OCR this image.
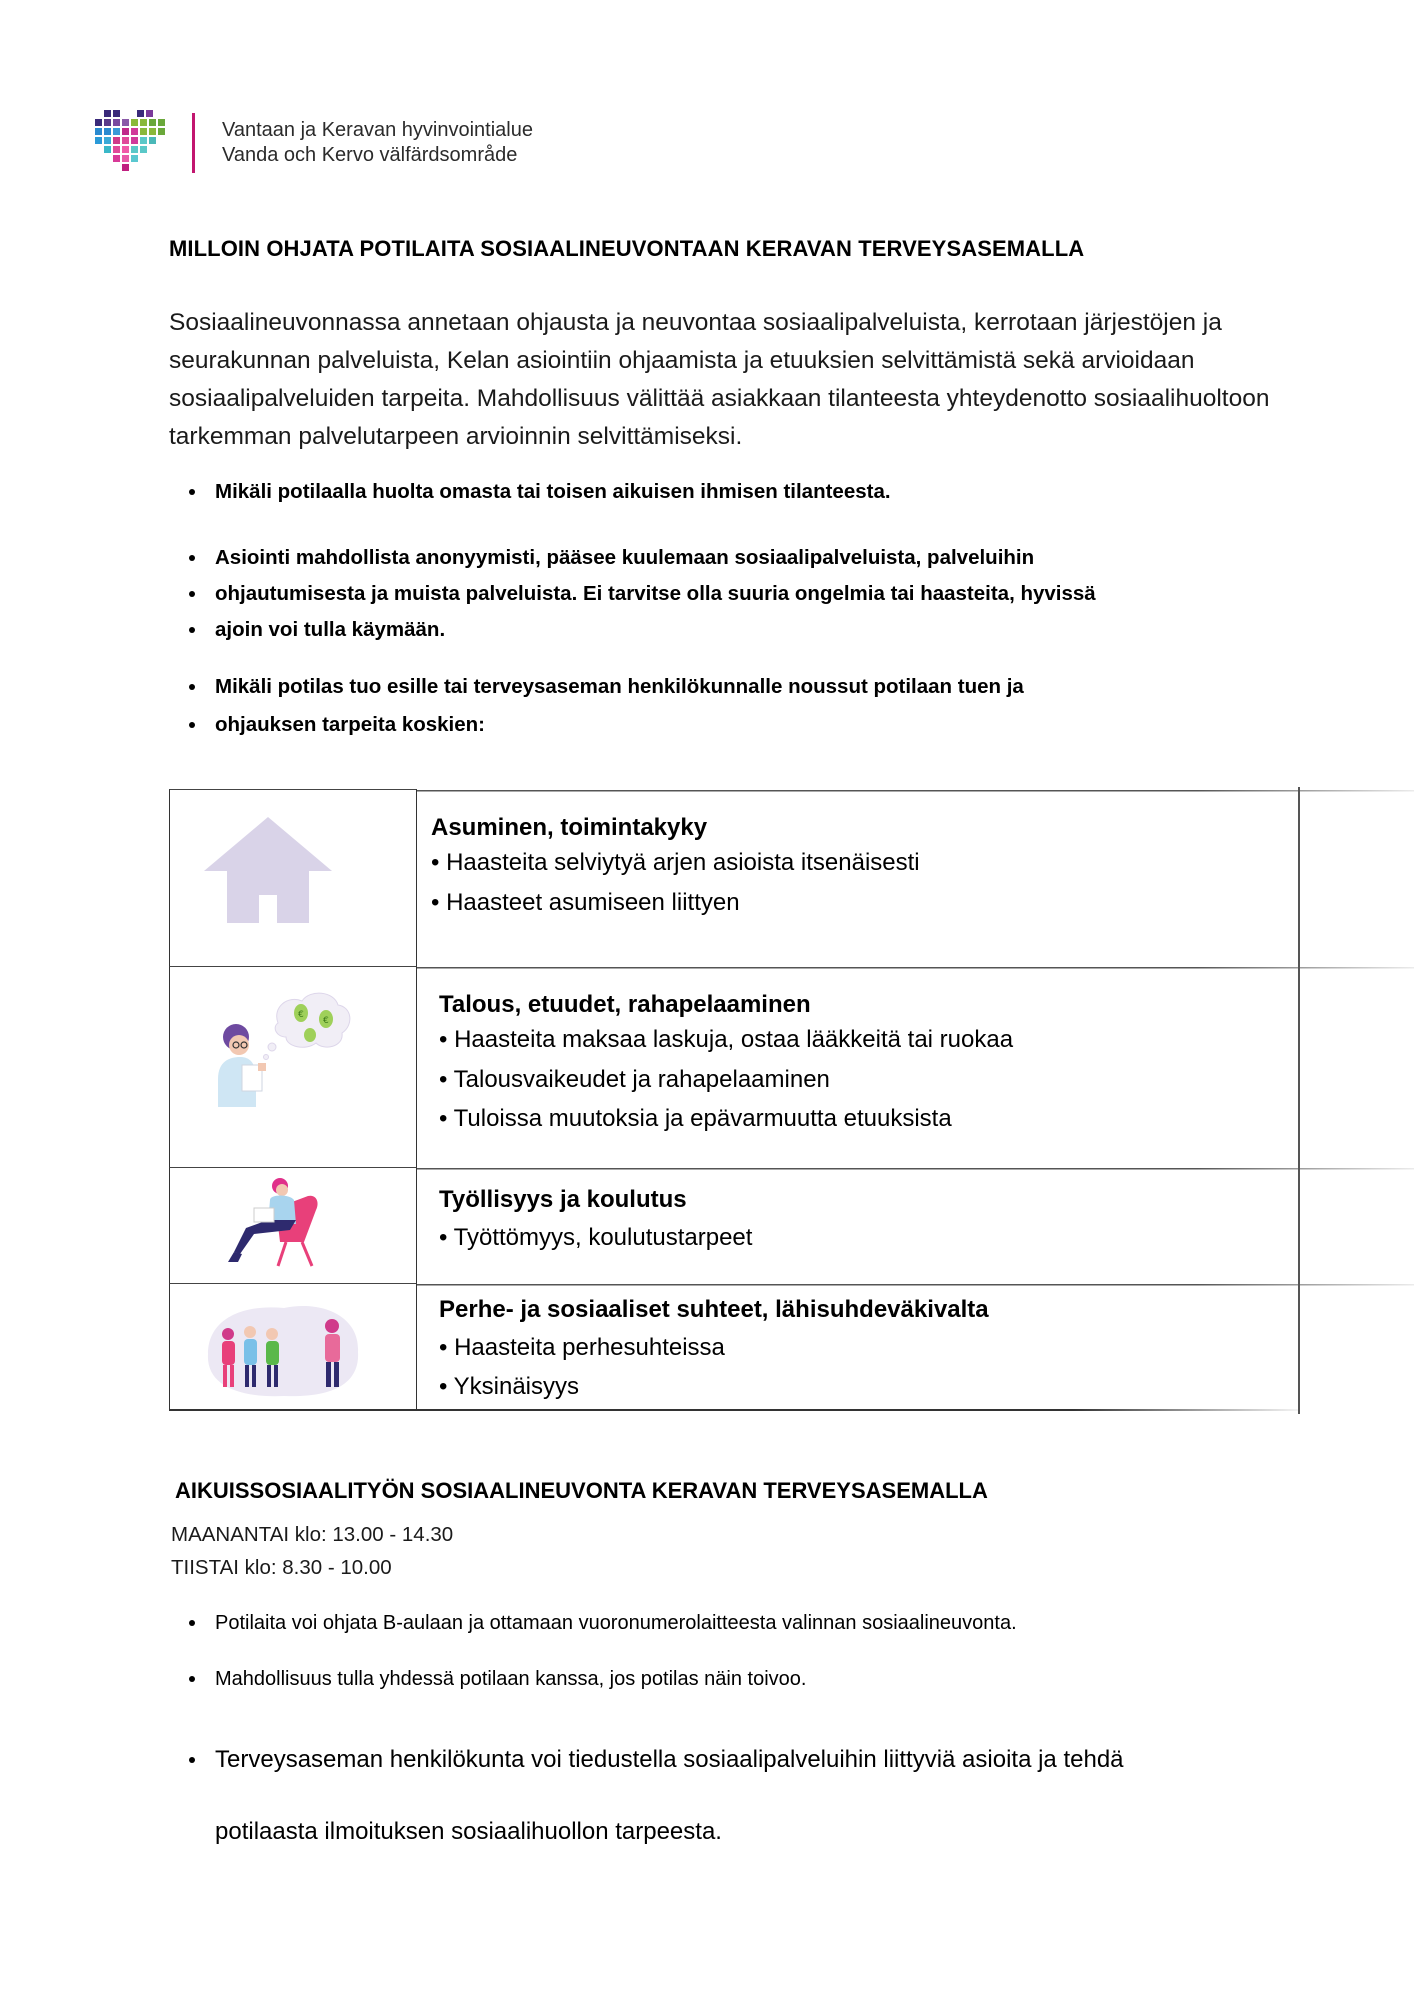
Vantaan ja Keravan hyvinvointialue
Vanda och Kervo välfärdsområde
MILLOIN OHJATA POTILAITA SOSIAALINEUVONTAAN KERAVAN TERVEYSASEMALLA
Sosiaalineuvonnassa annetaan ohjausta ja neuvontaa sosiaalipalveluista, kerrotaan järjestöjen ja seurakunnan palveluista, Kelan asiointiin ohjaamista ja etuuksien selvittämistä sekä arvioidaan sosiaalipalveluiden tarpeita. Mahdollisuus välittää asiakkaan tilanteesta yhteydenotto sosiaalihuoltoon tarkemman palvelutarpeen arvioinnin selvittämiseksi.
Mikäli potilaalla huolta omasta tai toisen aikuisen ihmisen tilanteesta.
Asiointi mahdollista anonyymisti, pääsee kuulemaan sosiaalipalveluista, palveluihin
ohjautumisesta ja muista palveluista. Ei tarvitse olla suuria ongelmia tai haasteita, hyvissä
ajoin voi tulla käymään.
Mikäli potilas tuo esille tai terveysaseman henkilökunnalle noussut potilaan tuen ja
ohjauksen tarpeita koskien:
Asuminen, toimintakyky
• Haasteita selviytyä arjen asioista itsenäisesti
• Haasteet asumiseen liittyen
€
€
Talous, etuudet, rahapelaaminen
• Haasteita maksaa laskuja, ostaa lääkkeitä tai ruokaa
• Talousvaikeudet ja rahapelaaminen
• Tuloissa muutoksia ja epävarmuutta etuuksista
Työllisyys ja koulutus
• Työttömyys, koulutustarpeet
Perhe- ja sosiaaliset suhteet, lähisuhdeväkivalta
• Haasteita perhesuhteissa
• Yksinäisyys
AIKUISSOSIAALITYÖN SOSIAALINEUVONTA KERAVAN TERVEYSASEMALLA
MAANANTAI klo: 13.00 - 14.30
TIISTAI klo: 8.30 - 10.00
Potilaita voi ohjata B-aulaan ja ottamaan vuoronumerolaitteesta valinnan sosiaalineuvonta.
Mahdollisuus tulla yhdessä potilaan kanssa, jos potilas näin toivoo.
Terveysaseman henkilökunta voi tiedustella sosiaalipalveluihin liittyviä asioita ja tehdä
potilaasta ilmoituksen sosiaalihuollon tarpeesta.
